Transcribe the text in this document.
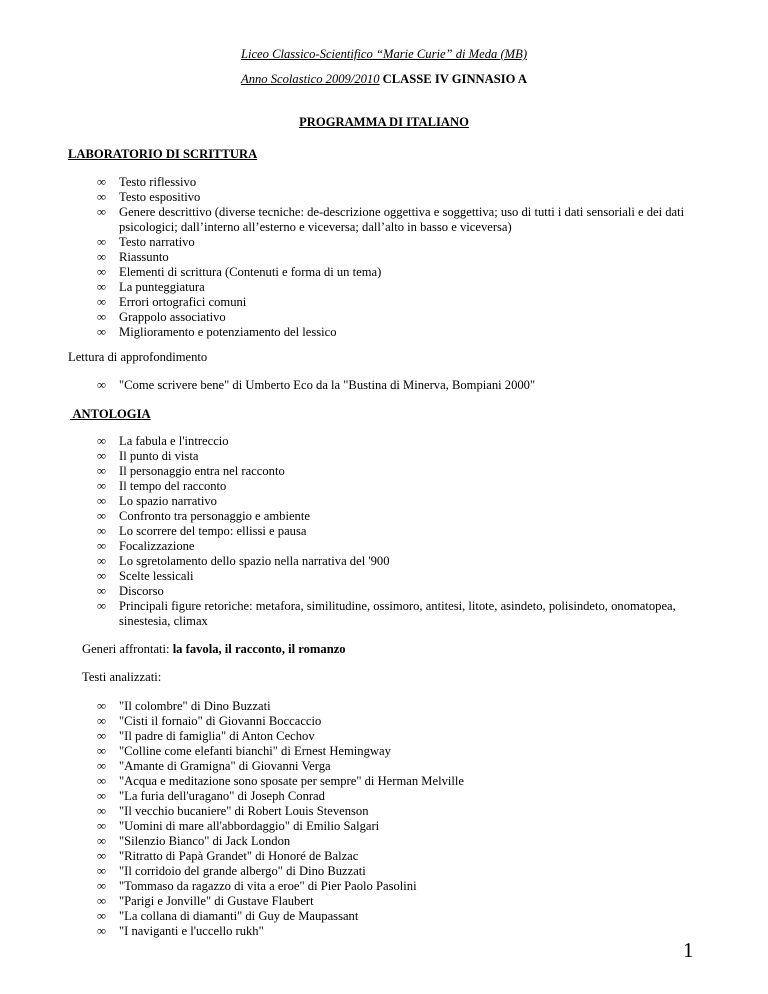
Liceo Classico-Scientifico “Marie Curie” di Meda (MB)
Anno Scolastico 2009/2010 CLASSE IV GINNASIO A
PROGRAMMA DI ITALIANO
LABORATORIO DI SCRITTURA
∞ Testo riflessivo
∞ Testo espositivo
∞ Genere descrittivo (diverse tecniche: de-descrizione oggettiva e soggettiva; uso di tutti i dati sensoriali e dei dati psicologici; dall’interno all’esterno e viceversa; dall’alto in basso e viceversa)
∞ Testo narrativo
∞ Riassunto
∞ Elementi di scrittura (Contenuti e forma di un tema)
∞ La punteggiatura
∞ Errori ortografici comuni
∞ Grappolo associativo
∞ Miglioramento e potenziamento del lessico
Lettura di approfondimento
∞ "Come scrivere bene" di Umberto Eco da la "Bustina di Minerva, Bompiani 2000"
ANTOLOGIA
∞ La fabula e l'intreccio
∞ Il punto di vista
∞ Il personaggio entra nel racconto
∞ Il tempo del racconto
∞ Lo spazio narrativo
∞ Confronto tra personaggio e ambiente
∞ Lo scorrere del tempo: ellissi e pausa
∞ Focalizzazione
∞ Lo sgretolamento dello spazio nella narrativa del '900
∞ Scelte lessicali
∞ Discorso
∞ Principali figure retoriche: metafora, similitudine, ossimoro, antitesi, litote, asindeto, polisindeto, onomatopea, sinestesia, climax
Generi affrontati: la favola, il racconto, il romanzo
Testi analizzati:
∞ "Il colombre" di Dino Buzzati
∞ "Cisti il fornaio" di Giovanni Boccaccio
∞ "Il padre di famiglia" di Anton Cechov
∞ "Colline come elefanti bianchi" di Ernest Hemingway
∞ "Amante di Gramigna" di Giovanni Verga
∞ "Acqua e meditazione sono sposate per sempre" di Herman Melville
∞ "La furia dell'uragano" di Joseph Conrad
∞ "Il vecchio bucaniere" di Robert Louis Stevenson
∞ "Uomini di mare all'abbordaggio" di Emilio Salgari
∞ "Silenzio Bianco" di Jack London
∞ "Ritratto di Papà Grandet" di Honoré de Balzac
∞ "Il corridoio del grande albergo" di Dino Buzzati
∞ "Tommaso da ragazzo di vita a eroe" di Pier Paolo Pasolini
∞ "Parigi e Jonville" di Gustave Flaubert
∞ "La collana di diamanti" di Guy de Maupassant
∞ "I naviganti e l'uccello rukh"
1
